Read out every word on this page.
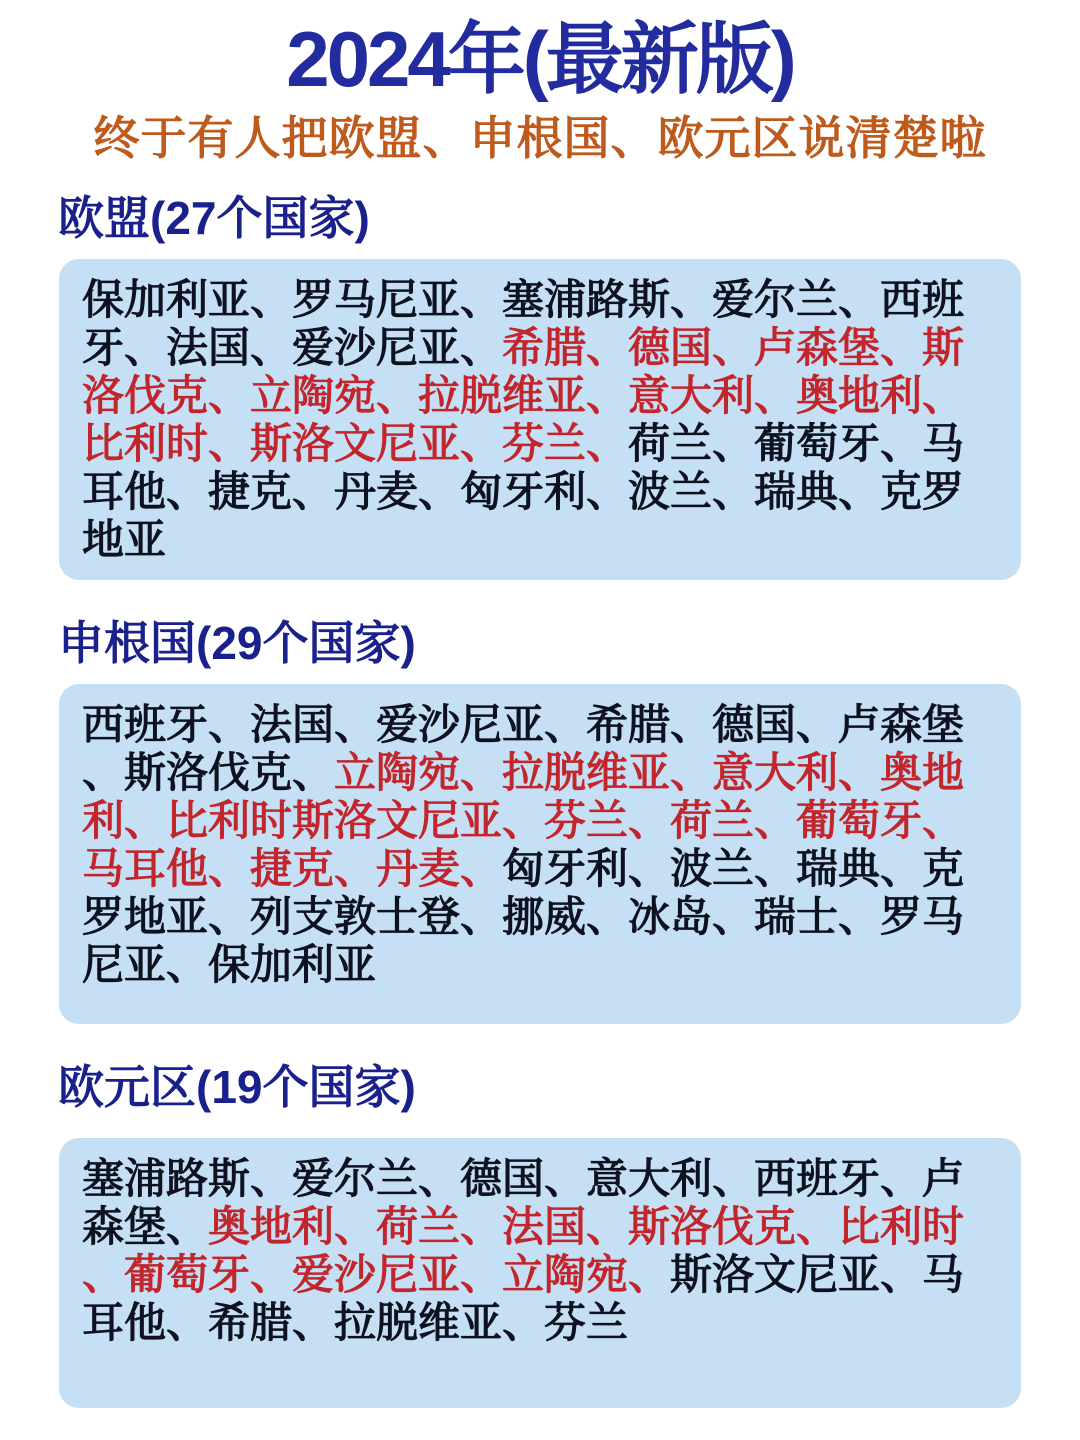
2024年(最新版)
终于有人把欧盟、申根国、欧元区说清楚啦
欧盟(27个国家)
保加利亚、罗马尼亚、塞浦路斯、爱尔兰、西班牙、法国、爱沙尼亚、希腊、德国、卢森堡、斯洛伐克、立陶宛、拉脱维亚、意大利、奥地利、比利时、斯洛文尼亚、芬兰、荷兰、葡萄牙、马耳他、捷克、丹麦、匈牙利、波兰、瑞典、克罗地亚
申根国(29个国家)
西班牙、法国、爱沙尼亚、希腊、德国、卢森堡、斯洛伐克、立陶宛、拉脱维亚、意大利、奥地利、比利时斯洛文尼亚、芬兰、荷兰、葡萄牙、马耳他、捷克、丹麦、匈牙利、波兰、瑞典、克罗地亚、列支敦士登、挪威、冰岛、瑞士、罗马尼亚、保加利亚
欧元区(19个国家)
塞浦路斯、爱尔兰、德国、意大利、西班牙、卢森堡、奥地利、荷兰、法国、斯洛伐克、比利时、葡萄牙、爱沙尼亚、立陶宛、斯洛文尼亚、马耳他、希腊、拉脱维亚、芬兰
